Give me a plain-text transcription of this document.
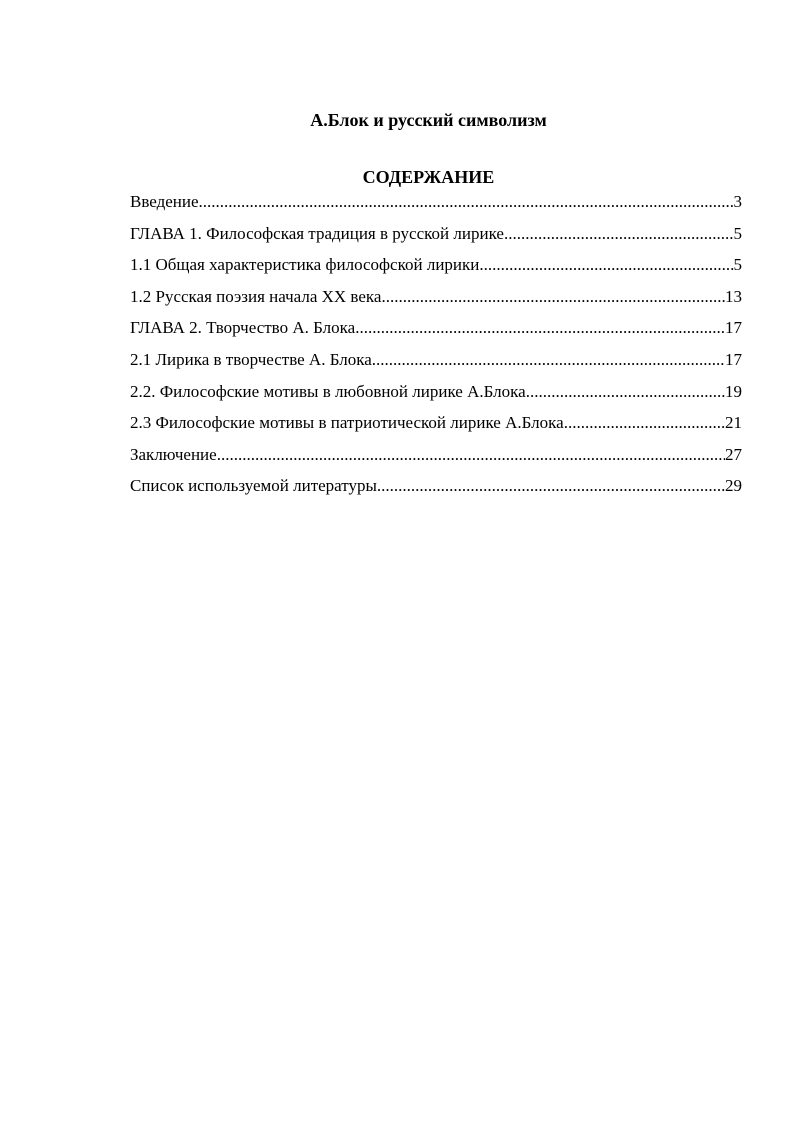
А.Блок и русский символизм
СОДЕРЖАНИЕ
Введение .....	3
ГЛАВА 1. Философская традиция в русской лирике .....	5
1.1 Общая характеристика философской лирики .....	5
1.2 Русская поэзия начала XX века .....	13
ГЛАВА 2. Творчество А. Блока .....	17
2.1 Лирика в творчестве А. Блока .....	17
2.2. Философские мотивы в любовной лирике А.Блока .....	19
2.3 Философские мотивы в патриотической лирике А.Блока .....	21
Заключение .....	27
Список используемой литературы .....	29
